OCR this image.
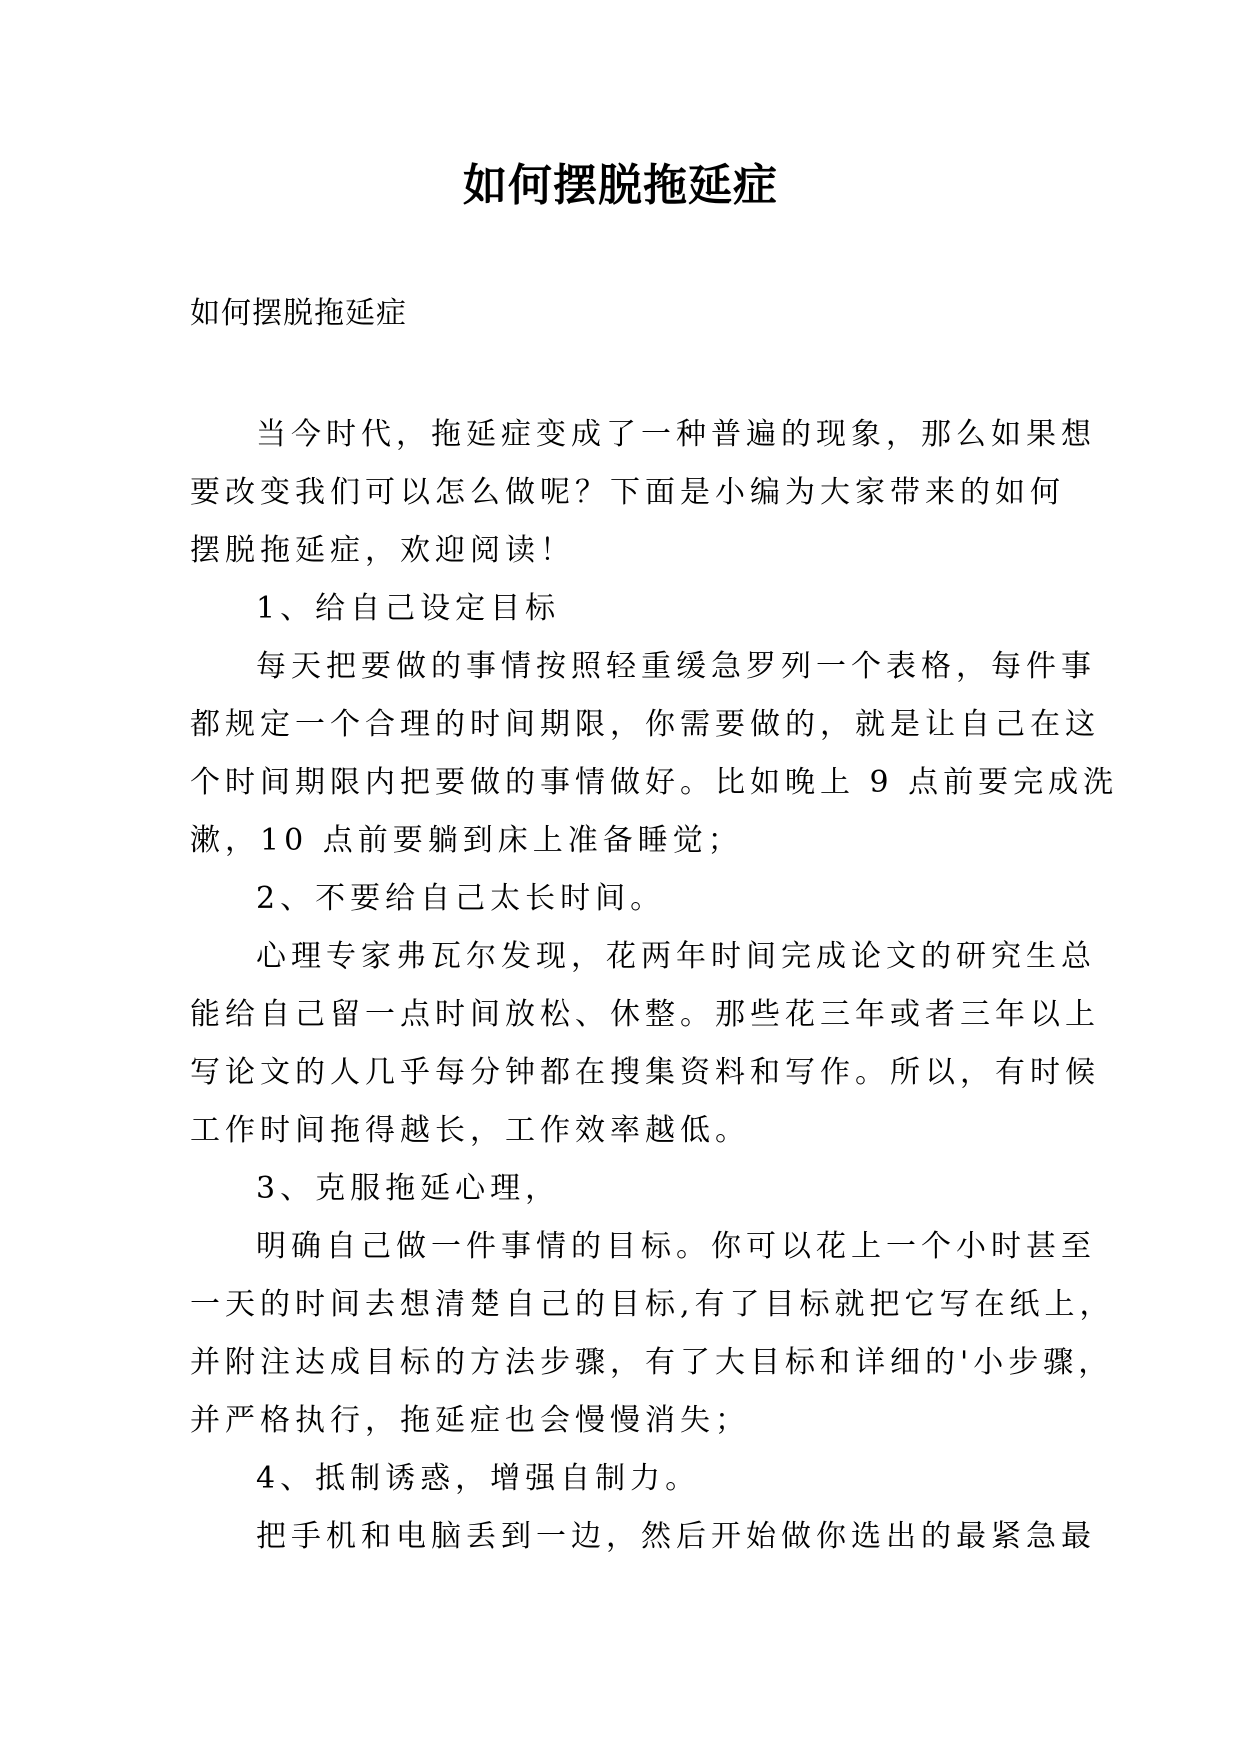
如何摆脱拖延症
如何摆脱拖延症
当今时代，拖延症变成了一种普遍的现象，那么如果想
要改变我们可以怎么做呢？下面是小编为大家带来的如何
摆脱拖延症，欢迎阅读！
1、给自己设定目标
每天把要做的事情按照轻重缓急罗列一个表格，每件事
都规定一个合理的时间期限，你需要做的，就是让自己在这
个时间期限内把要做的事情做好。比如晚上 9 点前要完成洗
漱，10 点前要躺到床上准备睡觉；
2、不要给自己太长时间。
心理专家弗瓦尔发现，花两年时间完成论文的研究生总
能给自己留一点时间放松、休整。那些花三年或者三年以上
写论文的人几乎每分钟都在搜集资料和写作。所以，有时候
工作时间拖得越长，工作效率越低。
3、克服拖延心理，
明确自己做一件事情的目标。你可以花上一个小时甚至
一天的时间去想清楚自己的目标,有了目标就把它写在纸上，
并附注达成目标的方法步骤，有了大目标和详细的'小步骤，
并严格执行，拖延症也会慢慢消失；
4、抵制诱惑，增强自制力。
把手机和电脑丢到一边，然后开始做你选出的最紧急最
